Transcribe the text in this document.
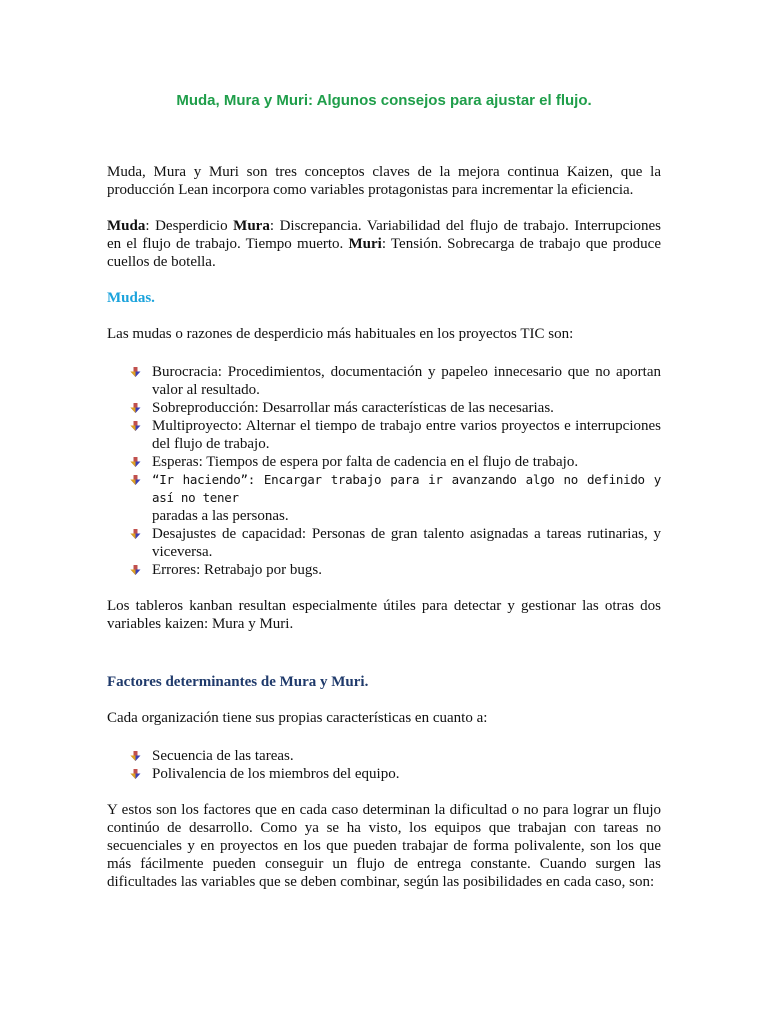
Muda, Mura y Muri: Algunos consejos para ajustar el flujo.

Muda, Mura y Muri son tres conceptos claves de la mejora continua Kaizen, que la producción Lean incorpora como variables protagonistas para incrementar la eficiencia.

Muda: Desperdicio Mura: Discrepancia. Variabilidad del flujo de trabajo. Interrupciones en el flujo de trabajo. Tiempo muerto. Muri: Tensión. Sobrecarga de trabajo que produce cuellos de botella.

Mudas.

Las mudas o razones de desperdicio más habituales en los proyectos TIC son:

Burocracia: Procedimientos, documentación y papeleo innecesario que no aportan valor al resultado.
Sobreproducción: Desarrollar más características de las necesarias.
Multiproyecto: Alternar el tiempo de trabajo entre varios proyectos e interrupciones del flujo de trabajo.
Esperas: Tiempos de espera por falta de cadencia en el flujo de trabajo.
“Ir haciendo”: Encargar trabajo para ir avanzando algo no definido y así no tener
paradas a las personas.
Desajustes de capacidad: Personas de gran talento asignadas a tareas rutinarias, y viceversa.
Errores: Retrabajo por bugs.

Los tableros kanban resultan especialmente útiles para detectar y gestionar las otras dos variables kaizen: Mura y Muri.

Factores determinantes de Mura y Muri.

Cada organización tiene sus propias características en cuanto a:

Secuencia de las tareas.
Polivalencia de los miembros del equipo.

Y estos son los factores que en cada caso determinan la dificultad o no para lograr un flujo continúo de desarrollo. Como ya se ha visto, los equipos que trabajan con tareas no secuenciales y en proyectos en los que pueden trabajar de forma polivalente, son los que más fácilmente pueden conseguir un flujo de entrega constante. Cuando surgen las dificultades las variables que se deben combinar, según las posibilidades en cada caso, son:
